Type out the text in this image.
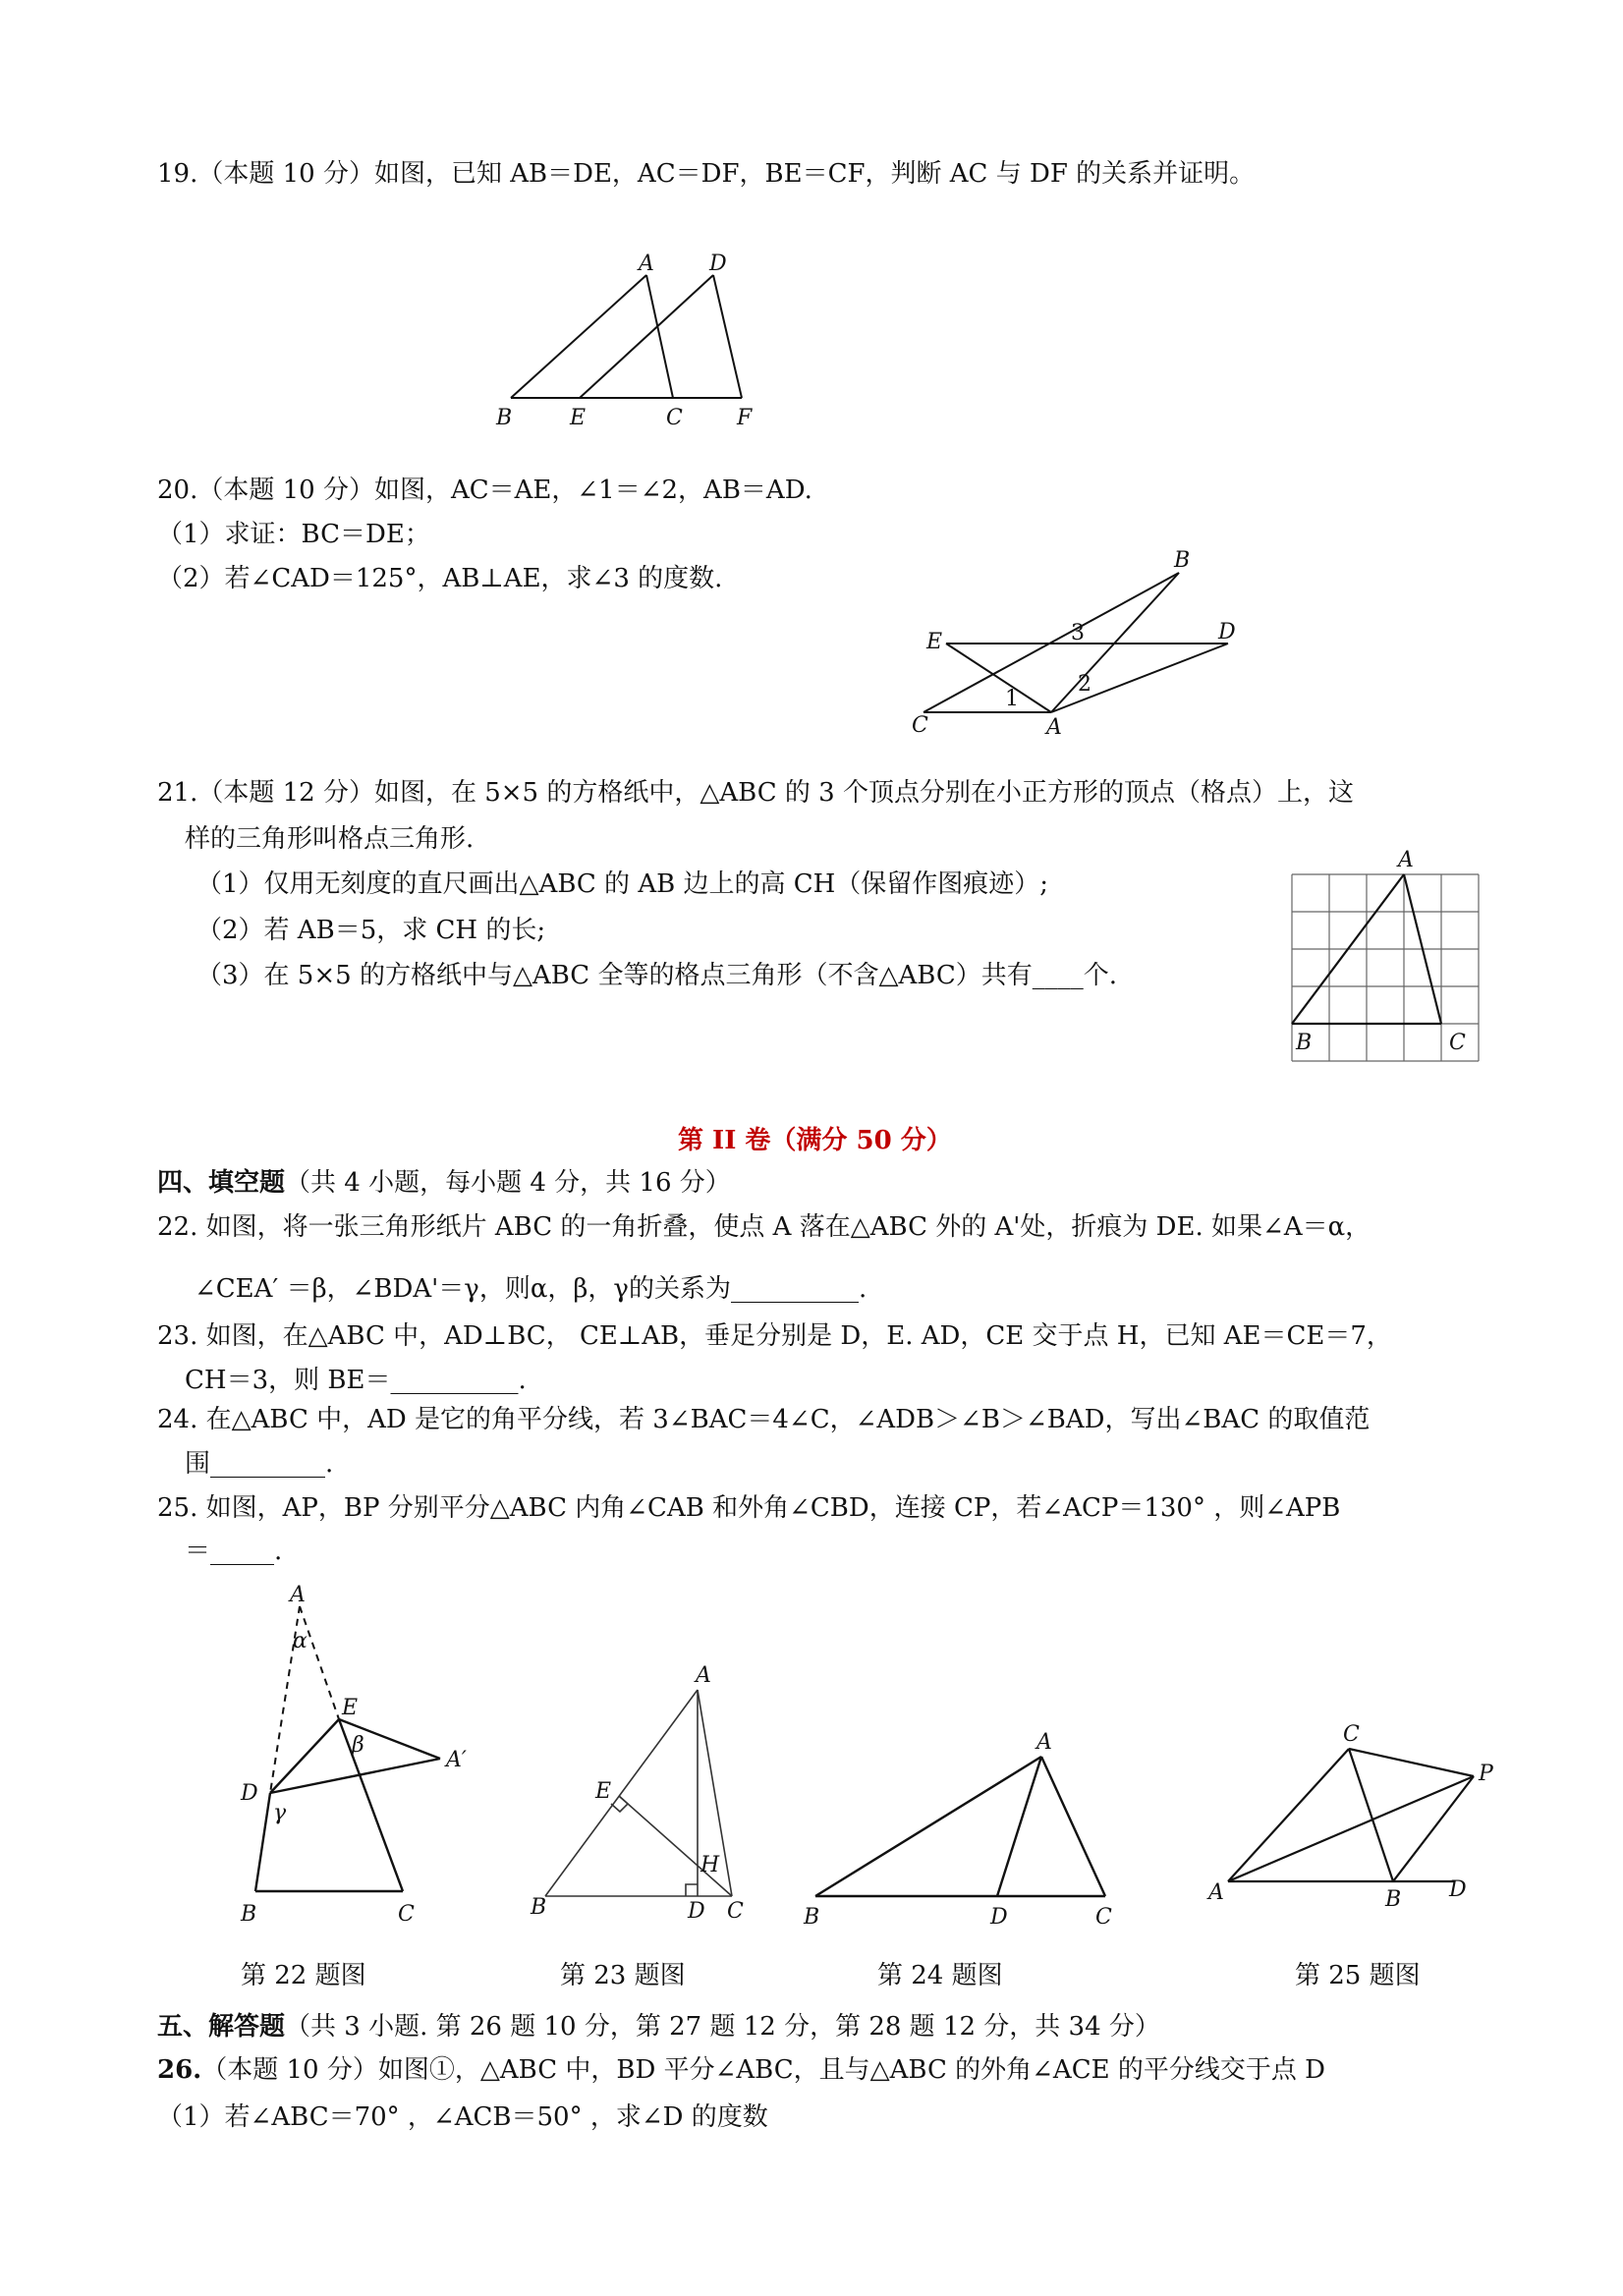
19.（本题 10 分）如图，已知 AB＝DE，AC＝DF，BE＝CF，判断 AC 与 DF 的关系并证明。
A	D
B	E	C	F
20.（本题 10 分）如图，AC＝AE，∠1＝∠2，AB＝AD.
（1）求证：BC＝DE；
（2）若∠CAD＝125°，AB⊥AE，求∠3 的度数.
B
E	D
C	A
1
2
3
21.（本题 12 分）如图，在 5×5 的方格纸中，△ABC 的 3 个顶点分别在小正方形的顶点（格点）上，这
样的三角形叫格点三角形.
（1）仅用无刻度的直尺画出△ABC 的 AB 边上的高 CH（保留作图痕迹）;
（2）若 AB＝5，求 CH 的长;
（3）在 5×5 的方格纸中与△ABC 全等的格点三角形（不含△ABC）共有____个.
A
B	C
第 II 卷（满分 50 分）
四、填空题（共 4 小题，每小题 4 分，共 16 分）
22. 如图，将一张三角形纸片 ABC 的一角折叠，使点 A 落在△ABC 外的 A'处，折痕为 DE. 如果∠A＝α，
∠CEA′ ＝β，∠BDA'＝γ，则α，β，γ的关系为__________.
23. 如图，在△ABC 中，AD⊥BC， CE⊥AB，垂足分别是 D，E. AD，CE 交于点 H，已知 AE＝CE＝7，
CH＝3，则 BE＝__________.
24. 在△ABC 中，AD 是它的角平分线，若 3∠BAC＝4∠C，∠ADB＞∠B＞∠BAD，写出∠BAC 的取值范
围_________.
25. 如图，AP，BP 分别平分△ABC 内角∠CAB 和外角∠CBD，连接 CP，若∠ACP＝130° ，则∠APB
＝_____.
A
α
E
β
A′
D
γ
B	C
A
E
H
B	D C
A
B	D	C
C
P
A	B D
第 22 题图	第 23 题图	第 24 题图	第 25 题图
五、解答题（共 3 小题. 第 26 题 10 分，第 27 题 12 分，第 28 题 12 分，共 34 分）
26.（本题 10 分）如图①，△ABC 中，BD 平分∠ABC，且与△ABC 的外角∠ACE 的平分线交于点 D
（1）若∠ABC＝70° ，∠ACB＝50° ，求∠D 的度数
